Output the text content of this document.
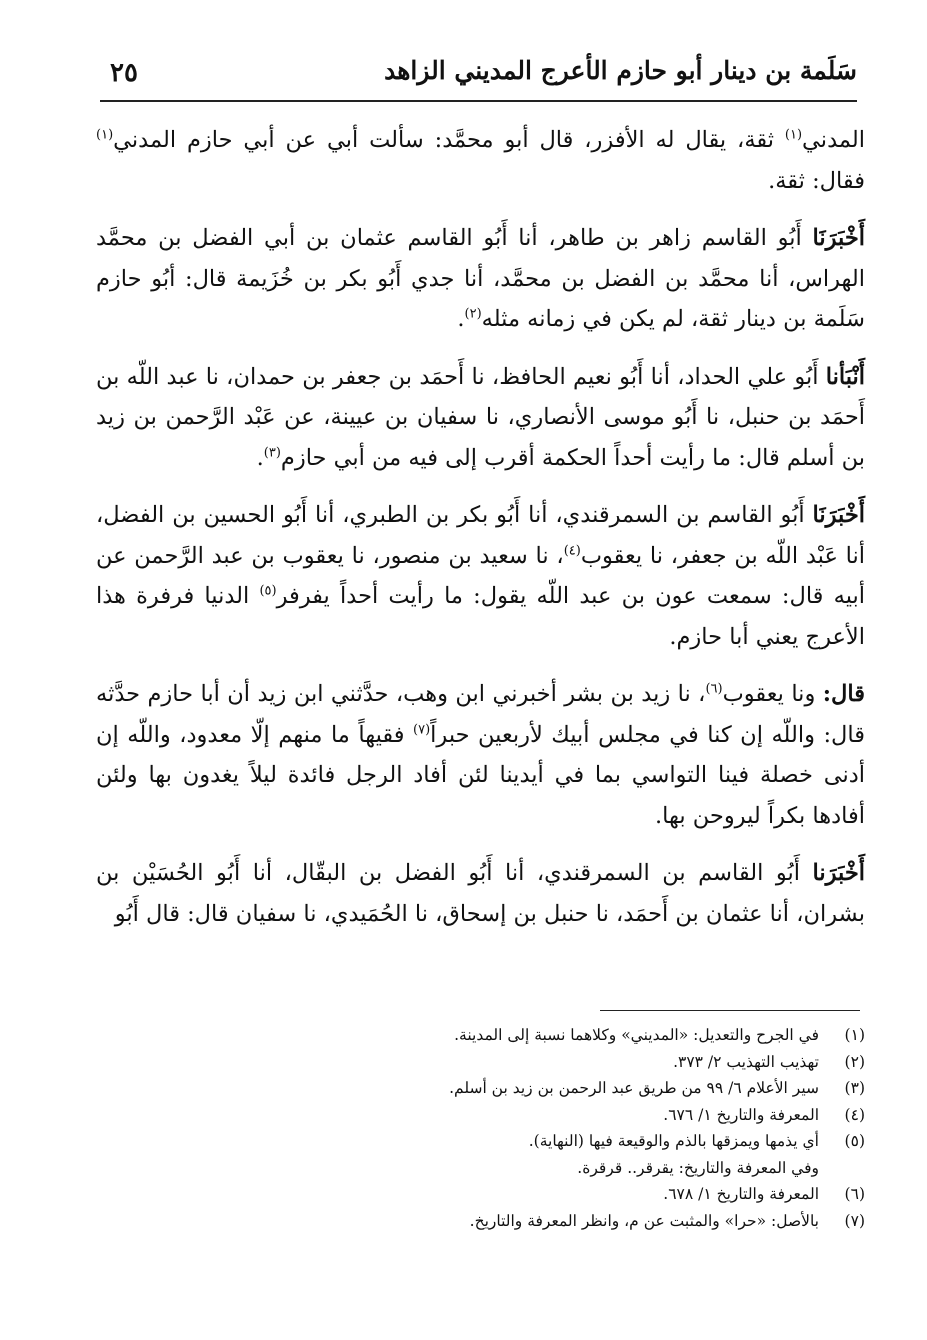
٢٥	سَلَمة بن دينار أبو حازم الأعرج المديني الزاهد

المدني$^{(١)}$ ثقة، يقال له الأفزر، قال أبو محمَّد: سألت أبي عن أبي حازم المدني$^{(١)}$ فقال: ثقة.

أَخْبَرَنَا أَبُو القاسم زاهر بن طاهر، أنا أَبُو القاسم عثمان بن أبي الفضل بن محمَّد الهراس، أنا محمَّد بن الفضل بن محمَّد، أنا جدي أَبُو بكر بن خُزَيمة قال: أبُو حازم سَلَمة بن دينار ثقة، لم يكن في زمانه مثله$^{(٢)}$.

أَنْبَأنا أَبُو علي الحداد، أنا أَبُو نعيم الحافظ، نا أَحمَد بن جعفر بن حمدان، نا عبد اللّه بن أَحمَد بن حنبل، نا أَبُو موسى الأنصاري، نا سفيان بن عيينة، عن عَبْد الرَّحمن بن زيد بن أسلم قال: ما رأيت أحداً الحكمة أقرب إلى فيه من أبي حازم$^{(٣)}$.

أَخْبَرَنَا أَبُو القاسم بن السمرقندي، أنا أَبُو بكر بن الطبري، أنا أَبُو الحسين بن الفضل، أنا عَبْد اللّه بن جعفر، نا يعقوب$^{(٤)}$، نا سعيد بن منصور، نا يعقوب بن عبد الرَّحمن عن أبيه قال: سمعت عون بن عبد اللّه يقول: ما رأيت أحداً يفرفر$^{(٥)}$ الدنيا فرفرة هذا الأعرج يعني أبا حازم.

قال: ونا يعقوب$^{(٦)}$، نا زيد بن بشر أخبرني ابن وهب، حدَّثني ابن زيد أن أبا حازم حدَّثه قال: واللّه إن كنا في مجلس أبيك لأربعين حبراً$^{(٧)}$ فقيهاً ما منهم إلّا معدود، واللّه إن أدنى خصلة فينا التواسي بما في أيدينا لئن أفاد الرجل فائدة ليلاً يغدون بها ولئن أفادها بكراً ليروحن بها.

أَخْبَرَنا أَبُو القاسم بن السمرقندي، أنا أَبُو الفضل بن البقّال، أنا أَبُو الحُسَيْن بن بشران، أنا عثمان بن أَحمَد، نا حنبل بن إسحاق، نا الحُمَيدي، نا سفيان قال: قال أَبُو

(١)
في الجرح والتعديل: «المديني» وكلاهما نسبة إلى المدينة.
(٢)
تهذيب التهذيب ٢/ ٣٧٣.
(٣)
سير الأعلام ٦/ ٩٩ من طريق عبد الرحمن بن زيد بن أسلم.
(٤)
المعرفة والتاريخ ١/ ٦٧٦.
(٥)
أي يذمها ويمزقها بالذم والوقيعة فيها (النهاية).
وفي المعرفة والتاريخ: يقرقر.. قرقرة.
(٦)
المعرفة والتاريخ ١/ ٦٧٨.
(٧)
بالأصل: «حرا» والمثبت عن م، وانظر المعرفة والتاريخ.
